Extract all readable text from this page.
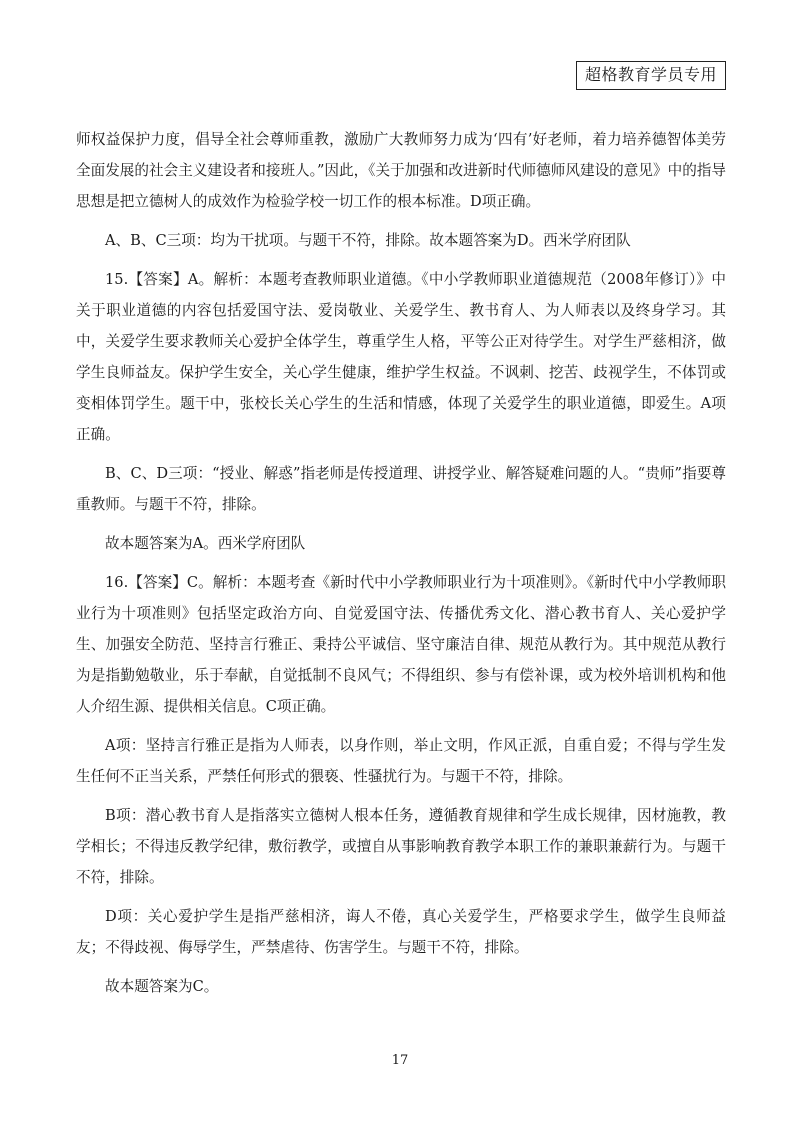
超格教育学员专用

师权益保护力度，倡导全社会尊师重教，激励广大教师努力成为‘四有’好老师，着力培养德智体美劳全面发展的社会主义建设者和接班人。”因此，《关于加强和改进新时代师德师风建设的意见》中的指导思想是把立德树人的成效作为检验学校一切工作的根本标准。D项正确。

A、B、C三项：均为干扰项。与题干不符，排除。故本题答案为D。西米学府团队

15.【答案】A。解析：本题考查教师职业道德。《中小学教师职业道德规范（2008年修订）》中关于职业道德的内容包括爱国守法、爱岗敬业、关爱学生、教书育人、为人师表以及终身学习。其中，关爱学生要求教师关心爱护全体学生，尊重学生人格，平等公正对待学生。对学生严慈相济，做学生良师益友。保护学生安全，关心学生健康，维护学生权益。不讽刺、挖苦、歧视学生，不体罚或变相体罚学生。题干中，张校长关心学生的生活和情感，体现了关爱学生的职业道德，即爱生。A项正确。

B、C、D三项：“授业、解惑”指老师是传授道理、讲授学业、解答疑难问题的人。“贵师”指要尊重教师。与题干不符，排除。

故本题答案为A。西米学府团队

16.【答案】C。解析：本题考查《新时代中小学教师职业行为十项准则》。《新时代中小学教师职业行为十项准则》包括坚定政治方向、自觉爱国守法、传播优秀文化、潜心教书育人、关心爱护学生、加强安全防范、坚持言行雅正、秉持公平诚信、坚守廉洁自律、规范从教行为。其中规范从教行为是指勤勉敬业，乐于奉献，自觉抵制不良风气；不得组织、参与有偿补课，或为校外培训机构和他人介绍生源、提供相关信息。C项正确。

A项：坚持言行雅正是指为人师表，以身作则，举止文明，作风正派，自重自爱；不得与学生发生任何不正当关系，严禁任何形式的猥亵、性骚扰行为。与题干不符，排除。

B项：潜心教书育人是指落实立德树人根本任务，遵循教育规律和学生成长规律，因材施教，教学相长；不得违反教学纪律，敷衍教学，或擅自从事影响教育教学本职工作的兼职兼薪行为。与题干不符，排除。

D项：关心爱护学生是指严慈相济，诲人不倦，真心关爱学生，严格要求学生，做学生良师益友；不得歧视、侮辱学生，严禁虐待、伤害学生。与题干不符，排除。

故本题答案为C。

17
